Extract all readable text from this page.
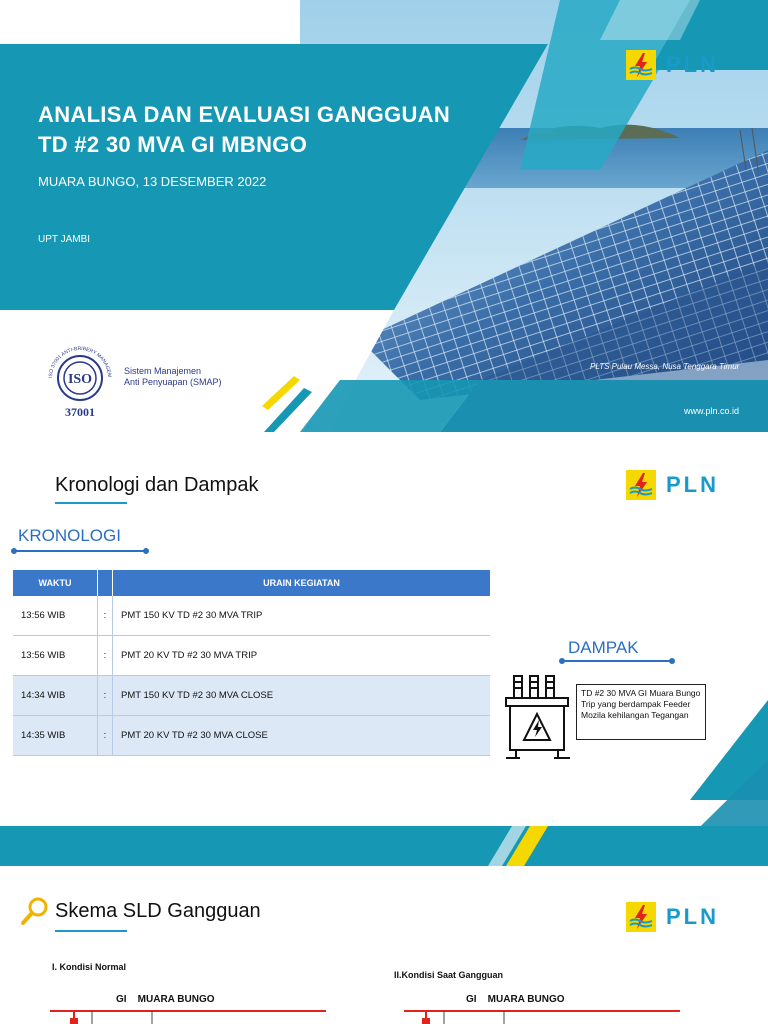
ANALISA DAN EVALUASI GANGGUAN
TD #2 30 MVA GI MBNGO
MUARA BUNGO, 13 DESEMBER 2022
UPT JAMBI
PLTS Pulau Messa, Nusa Tenggara Timur
www.pln.co.id
PLN
ISO 37001 ANTI-BRIBERY MANAGEM
ISO
37001
Sistem Manajemen
Anti Penyuapan (SMAP)
Kronologi dan Dampak	PLN
KRONOLOGI
WAKTU		URAIN KEGIATAN
13:56 WIB	:	PMT 150 KV TD #2 30 MVA TRIP
13:56 WIB	:	PMT 20 KV TD #2 30 MVA TRIP
14:34 WIB	:	PMT 150 KV TD #2 30 MVA CLOSE
14:35 WIB	:	PMT 20 KV TD #2 30 MVA CLOSE
DAMPAK
TD #2 30 MVA GI Muara Bungo Trip yang berdampak Feeder Mozila kehilangan Tegangan
Skema SLD Gangguan	PLN
I. Kondisi Normal
II.Kondisi Saat Gangguan
GI    MUARA BUNGO	GI    MUARA BUNGO
